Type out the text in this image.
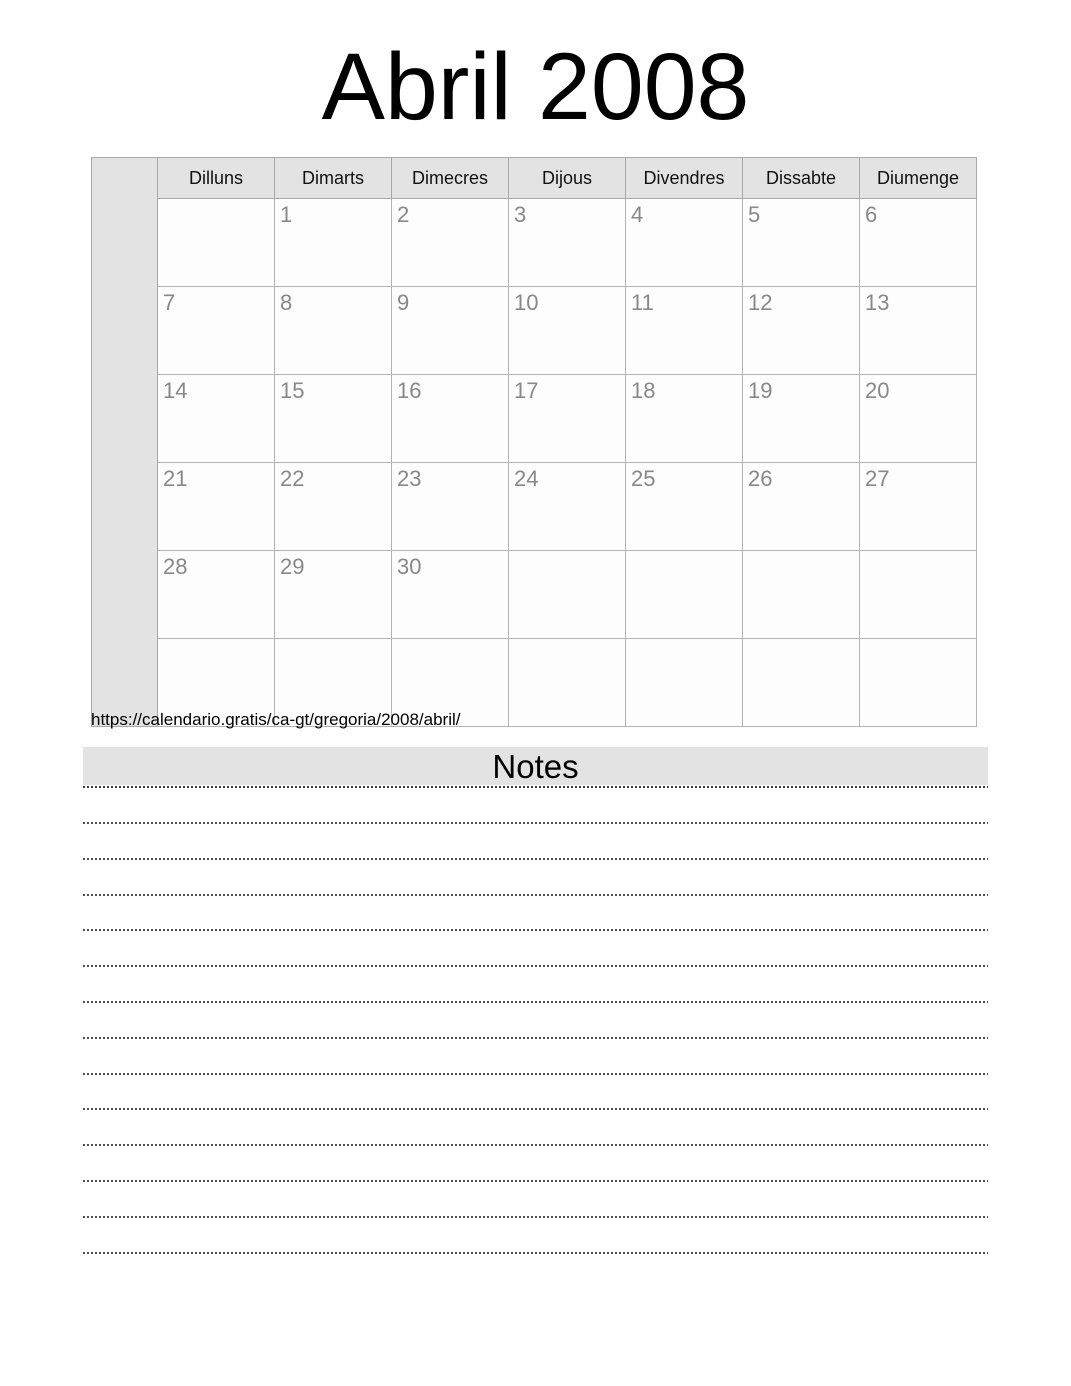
Abril 2008
	Dilluns	Dimarts	Dimecres	Dijous	Divendres	Dissabte	Diumenge
		1	2	3	4	5	6
	7	8	9	10	11	12	13
	14	15	16	17	18	19	20
	21	22	23	24	25	26	27
	28	29	30				

https://calendario.gratis/ca-gt/gregoria/2008/abril/
Notes
